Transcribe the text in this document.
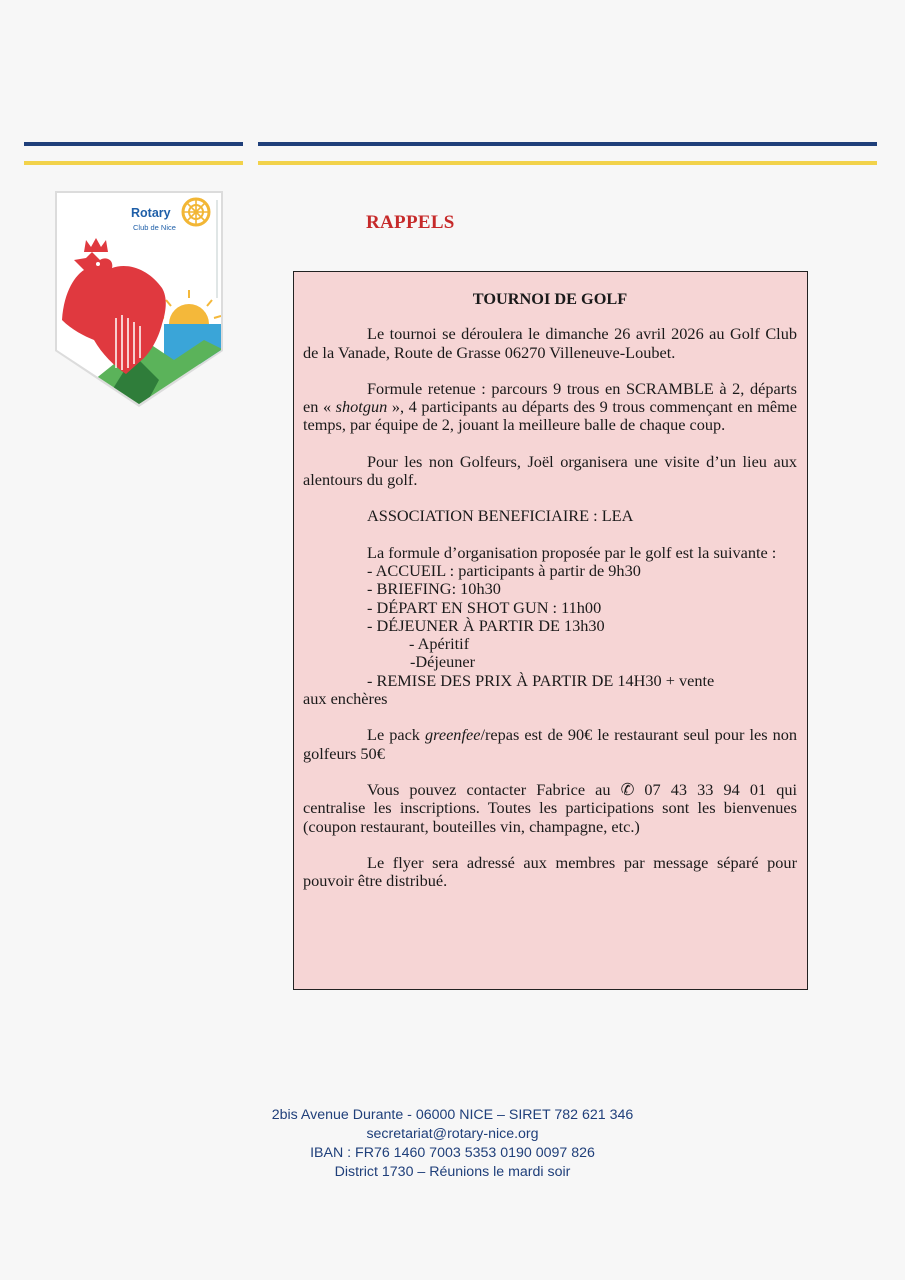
Rotary
Club de Nice	RAPPELS
TOURNOI DE GOLF
Le tournoi se déroulera le dimanche 26 avril 2026 au Golf Club de la Vanade, Route de Grasse 06270 Villeneuve-Loubet.
Formule retenue : parcours 9 trous en SCRAMBLE à 2, départs en « shotgun », 4 participants au départs des 9 trous commençant en même temps, par équipe de 2, jouant la meilleure balle de chaque coup.
Pour les non Golfeurs, Joël organisera une visite d’un lieu aux alentours du golf.
ASSOCIATION BENEFICIAIRE : LEA
La formule d’organisation proposée par le golf est la suivante :
- ACCUEIL : participants à partir de 9h30
- BRIEFING: 10h30
- DÉPART EN SHOT GUN : 11h00
- DÉJEUNER À PARTIR DE 13h30
- Apéritif
-Déjeuner
- REMISE DES PRIX À PARTIR DE 14H30 + vente
aux enchères
Le pack greenfee/repas est de 90€ le restaurant seul pour les non golfeurs 50€
Vous pouvez contacter Fabrice au ✆ 07 43 33 94 01 qui centralise les inscriptions. Toutes les participations sont les bienvenues (coupon restaurant, bouteilles vin, champagne, etc.)
Le flyer sera adressé aux membres par message séparé pour pouvoir être distribué.
2bis Avenue Durante - 06000 NICE – SIRET 782 621 346
secretariat@rotary-nice.org
IBAN : FR76 1460 7003 5353 0190 0097 826
District 1730 – Réunions le mardi soir
